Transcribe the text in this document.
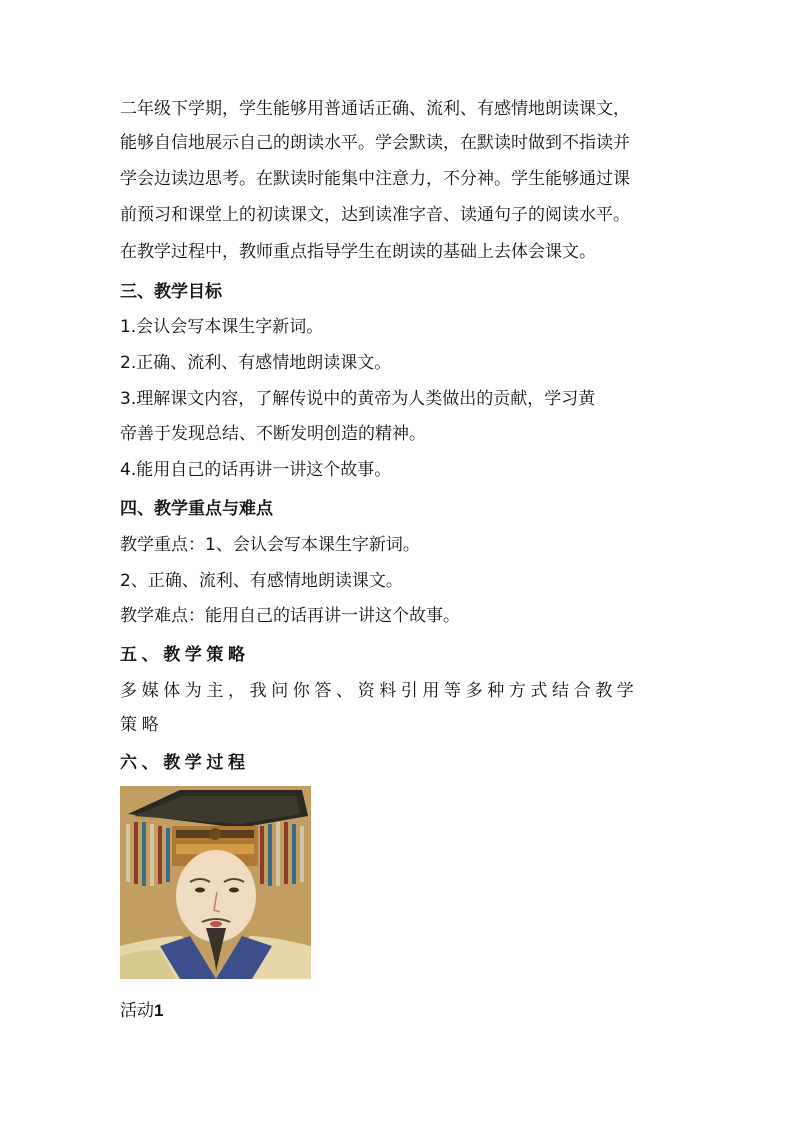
二年级下学期，学生能够用普通话正确、流利、有感情地朗读课文，
能够自信地展示自己的朗读水平。学会默读，在默读时做到不指读并
学会边读边思考。在默读时能集中注意力，不分神。学生能够通过课
前预习和课堂上的初读课文，达到读准字音、读通句子的阅读水平。
在教学过程中，教师重点指导学生在朗读的基础上去体会课文。
三、教学目标
1.会认会写本课生字新词。
2.正确、流利、有感情地朗读课文。
3.理解课文内容，了解传说中的黄帝为人类做出的贡献，学习黄
帝善于发现总结、不断发明创造的精神。
4.能用自己的话再讲一讲这个故事。
四、教学重点与难点
教学重点：1、会认会写本课生字新词。
2、正确、流利、有感情地朗读课文。
教学难点：能用自己的话再讲一讲这个故事。
五、教学策略
多媒体为主，我问你答、资料引用等多种方式结合教学
策略
六、教学过程
活动1
